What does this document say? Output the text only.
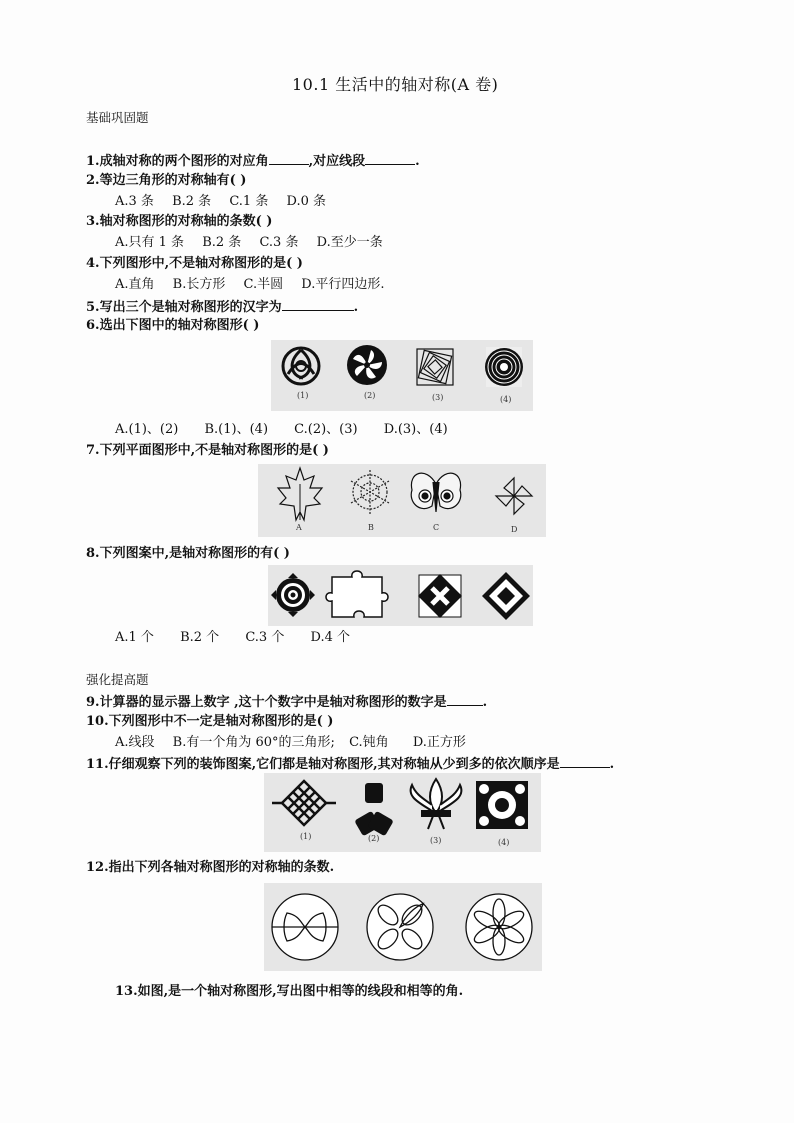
10.1 生活中的轴对称(A 卷)
基础巩固题
1.成轴对称的两个图形的对应角	,对应线段	.
2.等边三角形的对称轴有( )
A.3 条 B.2 条 C.1 条 D.0 条
3.轴对称图形的对称轴的条数( )
A.只有 1 条 B.2 条 C.3 条 D.至少一条
4.下列图形中,不是轴对称图形的是( )
A.直角 B.长方形 C.半圆 D.平行四边形.
5.写出三个是轴对称图形的汉字为	.
6.选出下图中的轴对称图形( )
(1)	(2)	(3)	(4)
A.(1)、(2) B.(1)、(4) C.(2)、(3) D.(3)、(4)
7.下列平面图形中,不是轴对称图形的是( )
A	B	C	D
8.下列图案中,是轴对称图形的有( )
A.1 个 B.2 个 C.3 个 D.4 个
强化提高题
9.计算器的显示器上数字 ,这十个数字中是轴对称图形的数字是	.
10.下列图形中不一定是轴对称图形的是( )
A.线段 B.有一个角为 60°的三角形; C.钝角 D.正方形
11.仔细观察下列的装饰图案,它们都是轴对称图形,其对称轴从少到多的依次顺序是	.
(1)	(2)	(3)	(4)
12.指出下列各轴对称图形的对称轴的条数.
13.如图,是一个轴对称图形,写出图中相等的线段和相等的角.
